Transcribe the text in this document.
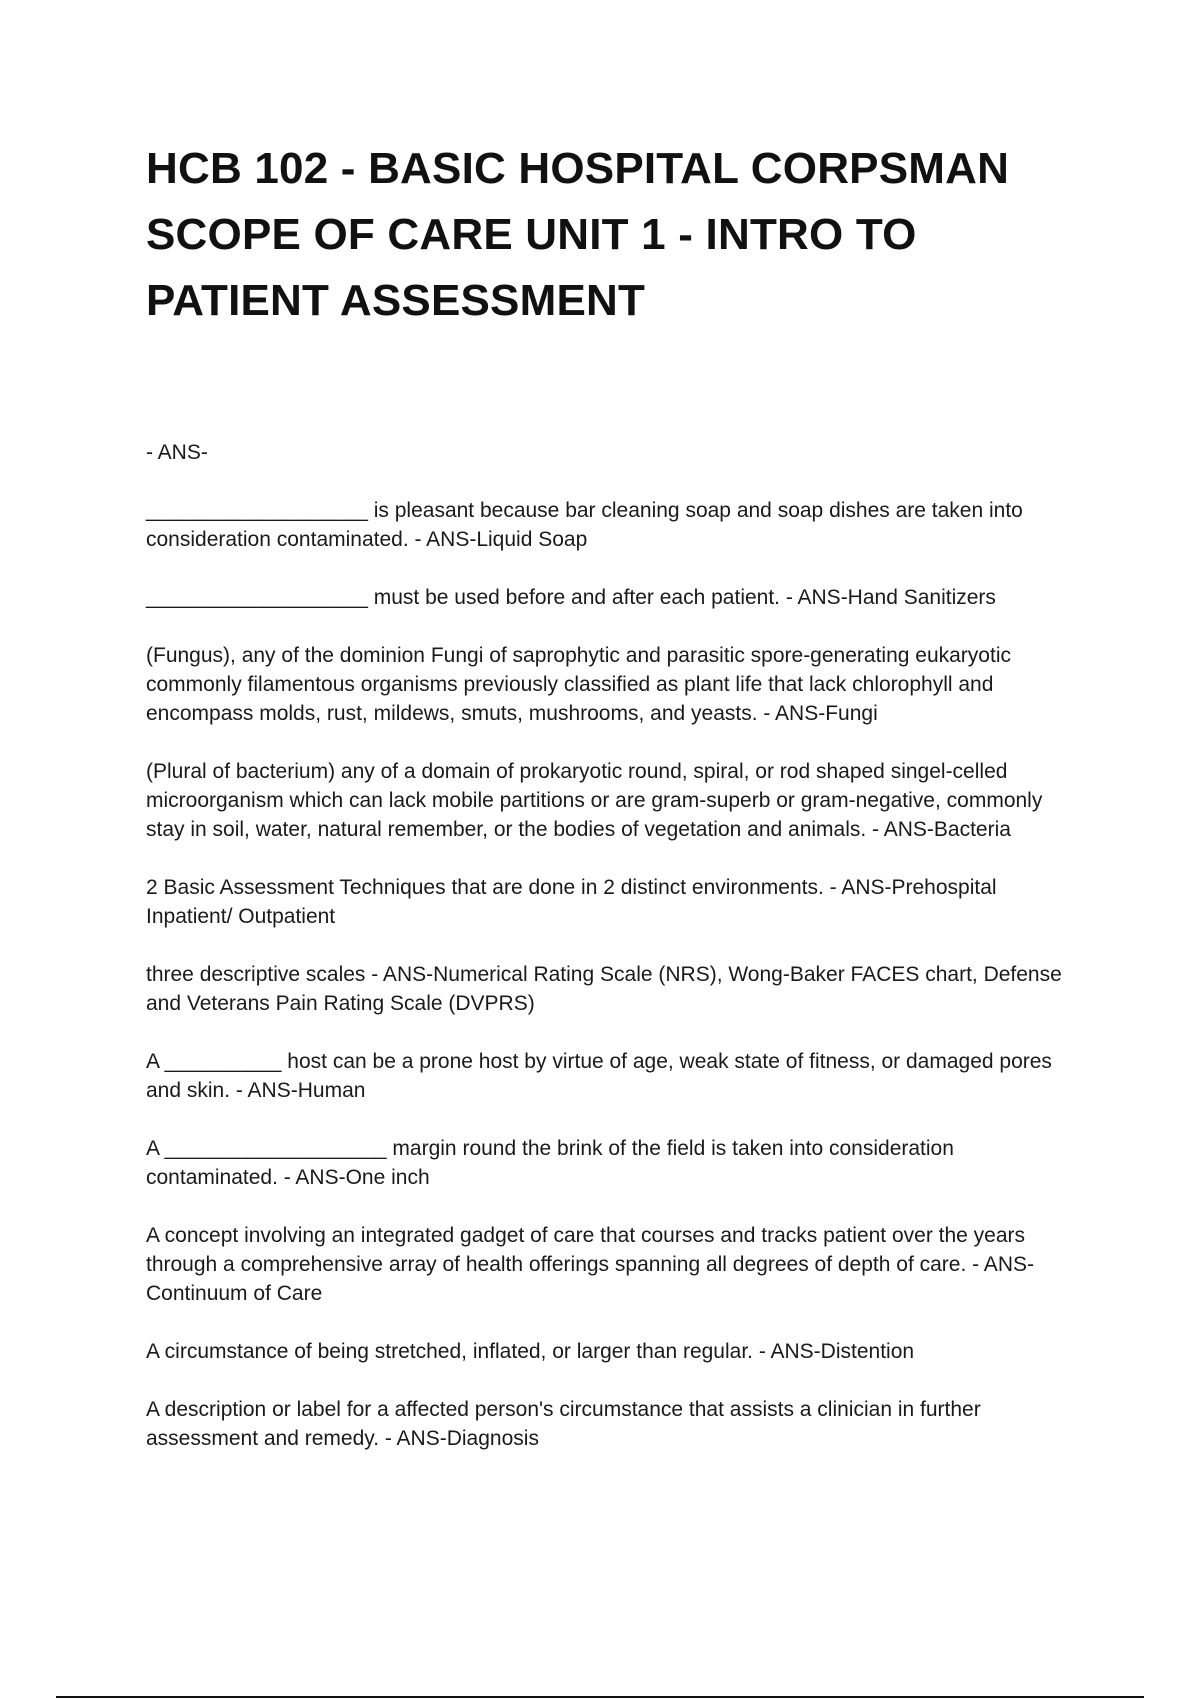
HCB 102 - BASIC HOSPITAL CORPSMAN SCOPE OF CARE UNIT 1 - INTRO TO PATIENT ASSESSMENT

- ANS-

___________________ is pleasant because bar cleaning soap and soap dishes are taken into consideration contaminated. - ANS-Liquid Soap

___________________ must be used before and after each patient. - ANS-Hand Sanitizers

(Fungus), any of the dominion Fungi of saprophytic and parasitic spore-generating eukaryotic commonly filamentous organisms previously classified as plant life that lack chlorophyll and encompass molds, rust, mildews, smuts, mushrooms, and yeasts. - ANS-Fungi

(Plural of bacterium) any of a domain of prokaryotic round, spiral, or rod shaped singel-celled microorganism which can lack mobile partitions or are gram-superb or gram-negative, commonly stay in soil, water, natural remember, or the bodies of vegetation and animals. - ANS-Bacteria

2 Basic Assessment Techniques that are done in 2 distinct environments. - ANS-Prehospital Inpatient/ Outpatient

three descriptive scales - ANS-Numerical Rating Scale (NRS), Wong-Baker FACES chart, Defense and Veterans Pain Rating Scale (DVPRS)

A __________ host can be a prone host by virtue of age, weak state of fitness, or damaged pores and skin. - ANS-Human

A ___________________ margin round the brink of the field is taken into consideration contaminated. - ANS-One inch

A concept involving an integrated gadget of care that courses and tracks patient over the years through a comprehensive array of health offerings spanning all degrees of depth of care. - ANS-Continuum of Care

A circumstance of being stretched, inflated, or larger than regular. - ANS-Distention

A description or label for a affected person's circumstance that assists a clinician in further assessment and remedy. - ANS-Diagnosis
